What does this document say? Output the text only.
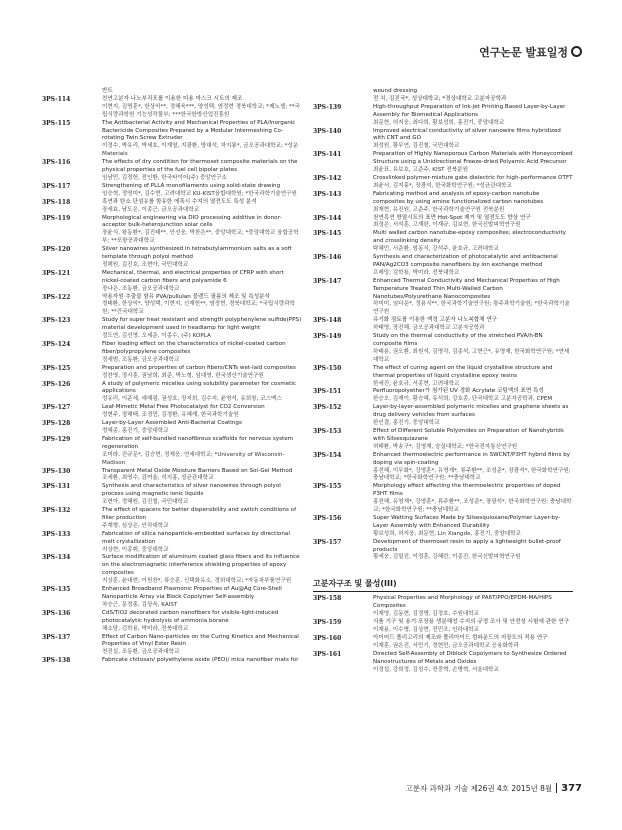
연구논문 발표일정
반트
3PS-114	친연고분자 나노부직포를 이용한 미용 마스크 시트의 제조
이현지, 김명훈*, 한상익**, 정혜욱***, 양성택, 염정현 경북대학교; *제노셀; **국립식량과학원 기능성작물부; ***한국한방산업진흥원
3PS-115	The Antibacterial Activity and Mechanical Properties of PLA/Inorganic Bactericide Composites Prepared by a Modular Intermeshing Co-rotating Twin Screw Extruder
이정수, 박유리, 박세호, 이재열, 지광환, 방대석, 차지룡*, 금오공과대학교; *성운 Materials
3PS-116	The effects of dry condition for thermoset composite materials on the physical properties of the fuel cell bipolar plates
임남민, 김정헌, 전인환, 한국타이어(주) 중앙연구소
3PS-117	Strengthening of PLLA monofilaments using solid-state drawing
임승혁, 정영미*, 김수현, 고려대학교 KU-KIST융합대학원; *한국과학기술연구원
3PS-118	흑연과 탄소 단섬유를 함유한 에폭시 수지의 열전도도 특성 분석
장세효, 남도은, 이종근, 금오공과대학교
3PS-119	Morphological engineering via DIO processing additive in donor-acceptor bulk-heterojunction solar cells
장윤식, 왕동환*, 김진태**, 안선웅, 박찬은**, 중앙대학교; *중앙대학교 융합공학부; **포항공과대학교
3PS-120	Silver nanowires synthesized in tetrabutylammonium salts as a soft template through polyol method
정해원, 김진호, 조현아, 국민대학교
3PS-121	Mechanical, thermal, and electrical properties of CFRP with short nickel-coated carbon fibers and polyamide 6
장나은, 조동환, 금오공과대학교
3PS-122	약용자원 추출물 함유 PVA/pullulan 블렌드 필름의 제조 및 특성분석
정태환, 한상익*, 양성택, 이현지, 신재헌**, 염정현, 경북대학교; *국립식량과학원; **건국대학교
3PS-123	Study for super heat resistant and strength polyphenylene sulfide(PPS) material development used in headlamp for light weight
정도연, 김선영, 오세준, 이종수, (주) KOPLA
3PS-124	Fiber loading effect on the characteristics of nickel-coated carbon fiber/polypropylene composites
정세범, 조동환, 금오공과대학교
3PS-125	Preparation and properties of carbon fibers/CNTs wet-laid composites
정찬영, 정시훈, 권남희, 최준, 박노형, 임대영, 한국생산기술연구원
3PS-126	A study of polymeric micelles using solubility parameter for cosmetic applications
정유리, 이준세, 예해림, 권성호, 장지희, 김수지, 윤영석, 유희창, 코스맥스
3PS-127	Leaf-Mimetic Metal Free Photocatalyst for CO2 Conversion
정현주, 정해태, 조경민, 김경환, 유혜재, 한국과학기술원
3PS-128	Layer-by-Layer Assembled Anti-Bacterial Coatings
정혜종, 홍진기, 중앙대학교
3PS-129	Fabrication of self-bundled nanofibrous scaffolds for nervous system regeneration
조미라, 진규문*, 김승현, 정재웅, 연세대학교; *University of Wisconsin-Madison
3PS-130	Transparent Metal Oxide Moisture Barriers Based on Sol-Gel Method
조세환, 최영수, 김여울, 석지홍, 성균관대학교
3PS-131	Synthesis and characteristics of silver nanowires through polyol process using magnetic ionic liquids
조현아, 정해원, 김진철, 국민대학교
3PS-132	The effect of spacers for better dispersibility and switch conditions of filler production
주재형, 심상은, 인하대학교
3PS-133	Fabrication of silica nanoparticle-embedded surfaces by directional melt crystallization
지상현, 이종휘, 중앙대학교
3PS-134	Surface modification of aluminum coated glass fibers and its influence on the electromagnetic interference shielding properties of epoxy composites
지상훈, 윤대현, 이원찬*, 류승훈, 신택화유소, 경희대학교; *자동차부품연구원
3PS-135	Enhanced Broadband Plasmonic Properties of Au@Ag Core-Shell Nanoparticle Array via Block Copolymer Self-assembly
차승근, 문정홍, 김상욱, KAIST
3PS-136	CdS/TiO2 decorated carbon nanofibers for visible-light-induced photocatalytic hydrolysis of ammonia borane
채소담, 김학용, 박미라, 전북대학교
3PS-137	Effect of Carbon Nano-particles on the Curing Kinetics and Mechanical Properties of Vinyl Ester Resin
천진실, 조동환, 금오공과대학교
3PS-138	Fabricate chitosan/ polyethylene oxide (PEO)/ mica nanofiber mats for
wound dressing
전 치, 김진국*, 성상대학교; *경상대학교 고분자공학과
3PS-139	High-throughput Preparation of Ink-jet Printing Based Layer-by-Layer Assembly for Biomedical Applications
최문현, 허지웅, 최다희, 황보성희, 홍진기, 중앙대학교
3PS-140	Improved electrical conductivity of silver nanowire films hybridized with CNT and GO
최성원, 황무연, 김진철, 국민대학교
3PS-141	Preparation of Highly Nanoporous Carbon Materials with Honeycombed Structure using a Unidirectional Freeze-dried Polyamic Acid Precursor
최윤표, 유보호, 고준주, KIST 전북분원
3PS-142	Crosslinked polymer-mixture gate dielectric for high-performance OTFT
최윤서, 김지홍*, 장광석, 한국화학연구원; *성균관대학교
3PS-143	Fabricating method and analysis of epoxy-carbon nanotube composites by using amine functionalized carbon nanotubes
최재현, 유진원, 고준주, 한국과학기술연구원 전북분원
3PS-144	천연흑연 방열시트의 표면 Hot-Spot 제거 및 열전도도 향상 연구
최정은, 서석훈, 고재완, 이재규, 김보현, 한국신발피혁연구원
3PS-145	Multi walled carbon nanotube-epoxy composites; electroconductivity and crosslinking density
탁혜민, 서준환, 엄동식, 강석주, 윤호규, 고려대학교
3PS-146	Synthesis and characterization of photocatalytic and antibacterial PAN/Ag2CO3 composite nanofibers by ion exchange method
프레밍, 김학용, 박미라, 전북대학교
3PS-147	Enhanced Thermal Conductivity and Mechanical Properties of High Temperature Treated Thin Multi-Walled Carbon Nanotubes/Polyurethane Nanocomposites
하미미, 임다운*, 정용식**, 한국과학기술연구원; 광주과학기술원; *한국과학기술연구원
3PS-148	유기화 점토를 이용한 액정 고분자 나노복합체 연구
하태영, 장진해, 금오공과대학교 고분자공학과
3PS-149	Study on the thermal conductivity of the stretched PVA/h-BN composite films
하태용, 권오환, 최원석, 김명각, 김종석, 고현근*, 유영재, 한국화학연구원; *연세대학교
3PS-150	The effect of curing agent on the liquid crystalline structure and thermal properties of liquid crystalline epoxy resins
한세진, 윤호규, 서종현, 고려대학교
3PS-151	Perfluoropolyether가 첨가된 UV 경화 Acrylate 코팅액의 표면 특성
한승오, 김재이, 황승혜, 유석희, 강호종, 단국대학교 고분자공학과, CPEM
3PS-152	Layer-by-layer-assembled polymeric micelles and graphene sheets as drug delivery vehicles from surfaces
한인결, 홍진기, 중앙대학교
3PS-153	Effect of Different Soluble Polyimides on Preparation of Nanohybrids with Silsesquiazane
허태환, 박송구*, 김영재, 숭실대학교; *한국전자통신연구원
3PS-154	Enhanced thermoelectric performance in SWCNT/P3HT hybrid films by doping via spin-coating
홍전혜, 이무화*, 강영훈*, 유영재*, 류주환**, 조성준*, 장광석*, 한국화학연구원; 충남대학교; *한국화학연구원; **충남대학교
3PS-155	Morphology effect affecting the thermoelectric properties of doped P3HT films
홍전혜, 유영재*, 강영훈*, 류주환**, 조성준*, 장광석*, 한국화학연구원; 충남대학교; *한국화학연구원; **충남대학교
3PS-156	Super Wetting Surfaces Made by Silsesquioxane/Polymer Layer-by-Layer Assembly with Enhanced Durability
황보성희, 허지웅, 최문현, Lin Xiangde, 홍진기, 중앙대학교
3PS-157	Development of thermoset resin to apply a lightweight bullet-proof products
황세웅, 김밀진, 이정훈, 강혜란, 이종진, 한국신발피혁연구원
고분자구조 및 물성(III)
3PS-158	Physical Properties and Morphology of PA6T/PPO/EPDM-MA/HIPS Composites
이재영, 김동현, 김정명, 김정호, 수원대학교
3PS-159	식품 기구 및 용기·포장용 생분해성 수지의 규정 조사 및 안전성 시험에 관한 연구
이재용, 이수병, 김상현, 진민조, 인하대학교
3PS-160	아이어드 폴리고리의 제조와 폴리아이드 컴파운드의 저장도의 적용 연구
이재훈, 권은진, 서민기, 정현민, 금오공과대학교 응용화학과
3PS-161	Directed Self-Assembly of Diblock Copolymers to Synthesize Ordered Nanostructures of Metals and Oxides
이정섭, 강희정, 김성수, 전중혁, 손병혁, 서울대학교
고분자 과학과 기술 제26권 4호 2015년 8월 377
